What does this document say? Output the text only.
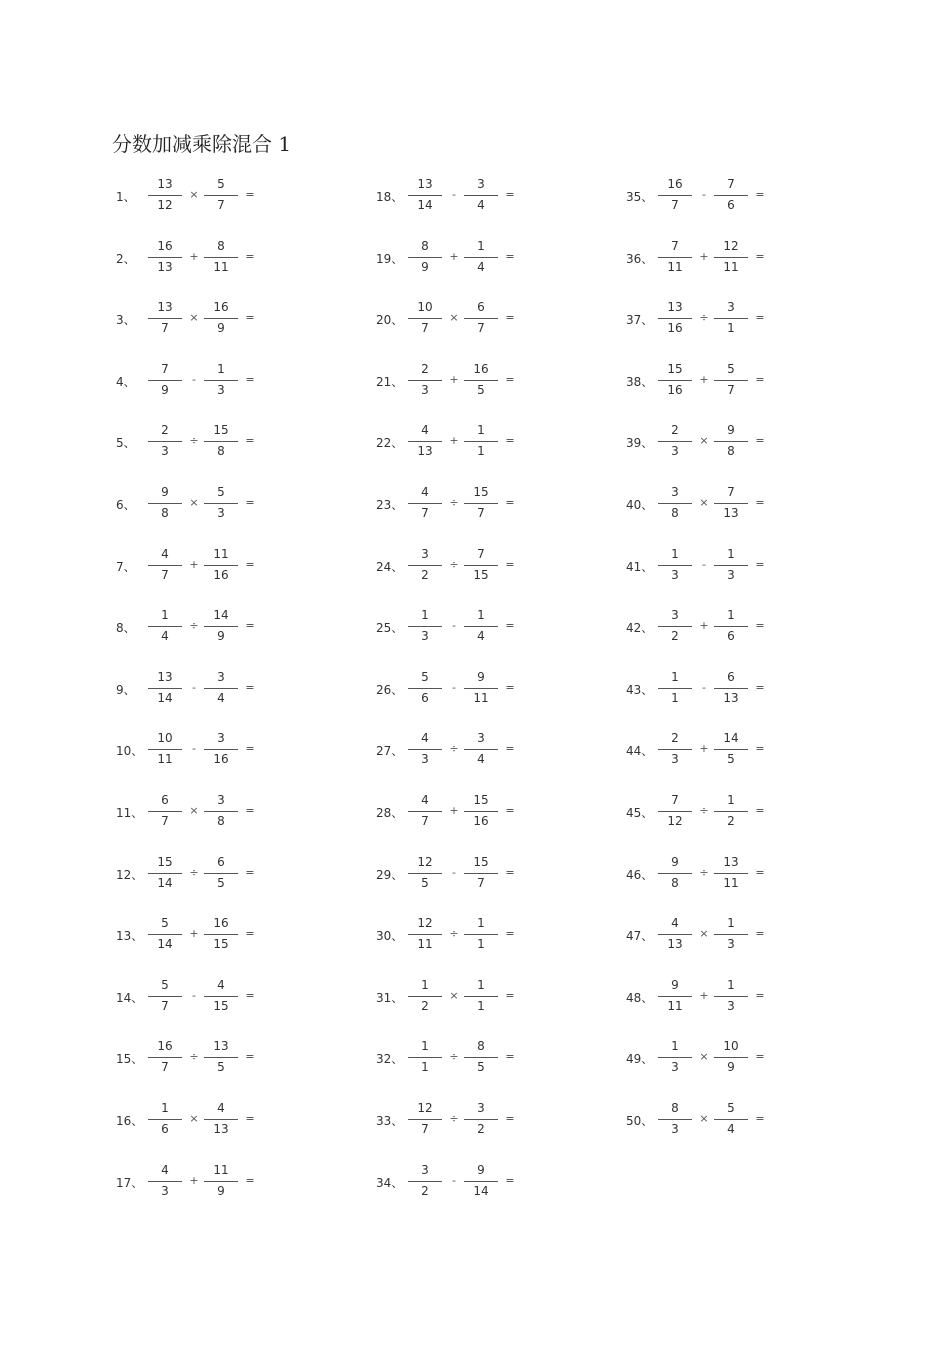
分数加减乘除混合 1
1、
13
12
×
5
7
=
2、
16
13
+
8
11
=
3、
13
7
×
16
9
=
4、
7
9
-
1
3
=
5、
2
3
÷
15
8
=
6、
9
8
×
5
3
=
7、
4
7
+
11
16
=
8、
1
4
÷
14
9
=
9、
13
14
-
3
4
=
10、
10
11
-
3
16
=
11、
6
7
×
3
8
=
12、
15
14
÷
6
5
=
13、
5
14
+
16
15
=
14、
5
7
-
4
15
=
15、
16
7
÷
13
5
=
16、
1
6
×
4
13
=
17、
4
3
+
11
9
=
18、
13
14
-
3
4
=
19、
8
9
+
1
4
=
20、
10
7
×
6
7
=
21、
2
3
+
16
5
=
22、
4
13
+
1
1
=
23、
4
7
÷
15
7
=
24、
3
2
÷
7
15
=
25、
1
3
-
1
4
=
26、
5
6
-
9
11
=
27、
4
3
÷
3
4
=
28、
4
7
+
15
16
=
29、
12
5
-
15
7
=
30、
12
11
÷
1
1
=
31、
1
2
×
1
1
=
32、
1
1
÷
8
5
=
33、
12
7
÷
3
2
=
34、
3
2
-
9
14
=
35、
16
7
-
7
6
=
36、
7
11
+
12
11
=
37、
13
16
÷
3
1
=
38、
15
16
+
5
7
=
39、
2
3
×
9
8
=
40、
3
8
×
7
13
=
41、
1
3
-
1
3
=
42、
3
2
+
1
6
=
43、
1
1
-
6
13
=
44、
2
3
+
14
5
=
45、
7
12
÷
1
2
=
46、
9
8
÷
13
11
=
47、
4
13
×
1
3
=
48、
9
11
+
1
3
=
49、
1
3
×
10
9
=
50、
8
3
×
5
4
=
